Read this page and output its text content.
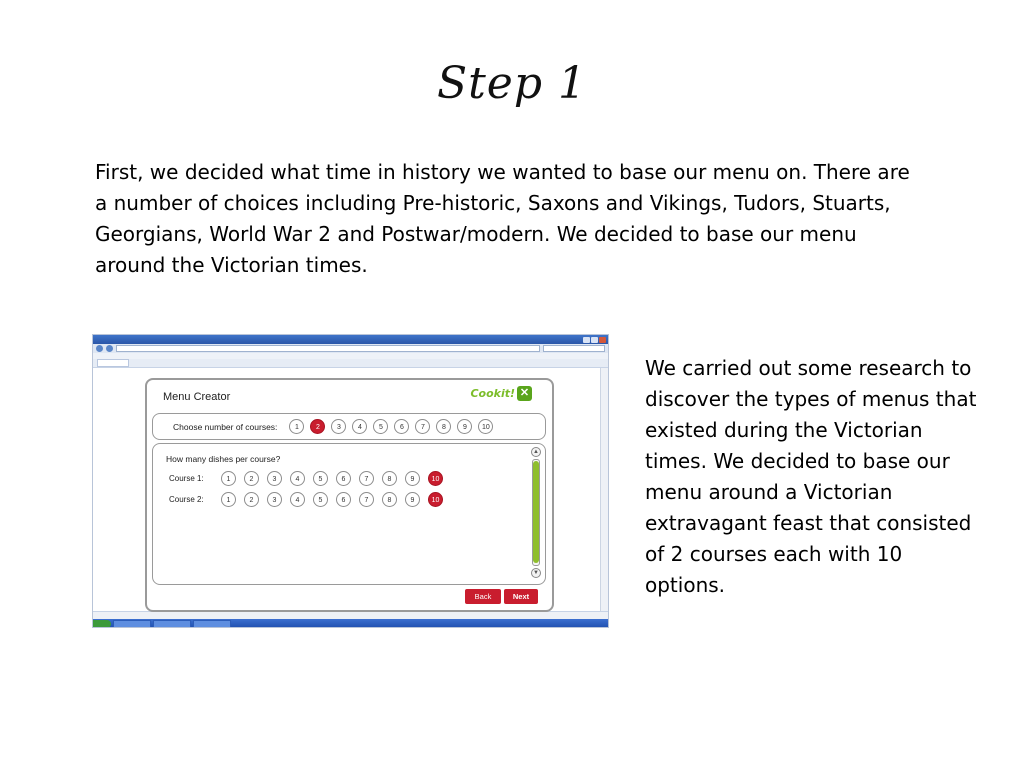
Step 1
First, we decided what time in history we wanted to base our menu on. There are a number of choices including Pre-historic, Saxons and Vikings, Tudors, Stuarts, Georgians, World War 2 and Postwar/modern. We decided to base our menu around the Victorian times.
We carried out some research to discover the types of menus that existed during the Victorian times. We decided to base our menu around a Victorian extravagant feast that consisted of 2 courses each with 10 options.
Menu Creator	Cookit! ✕
Choose number of courses:	1	2	3	4	5	6	7	8	9	10
How many dishes per course?
Course 1:	1	2	3	4	5	6	7	8	9	10
Course 2:	1	2	3	4	5	6	7	8	9	10
▲
▼
Back	Next
